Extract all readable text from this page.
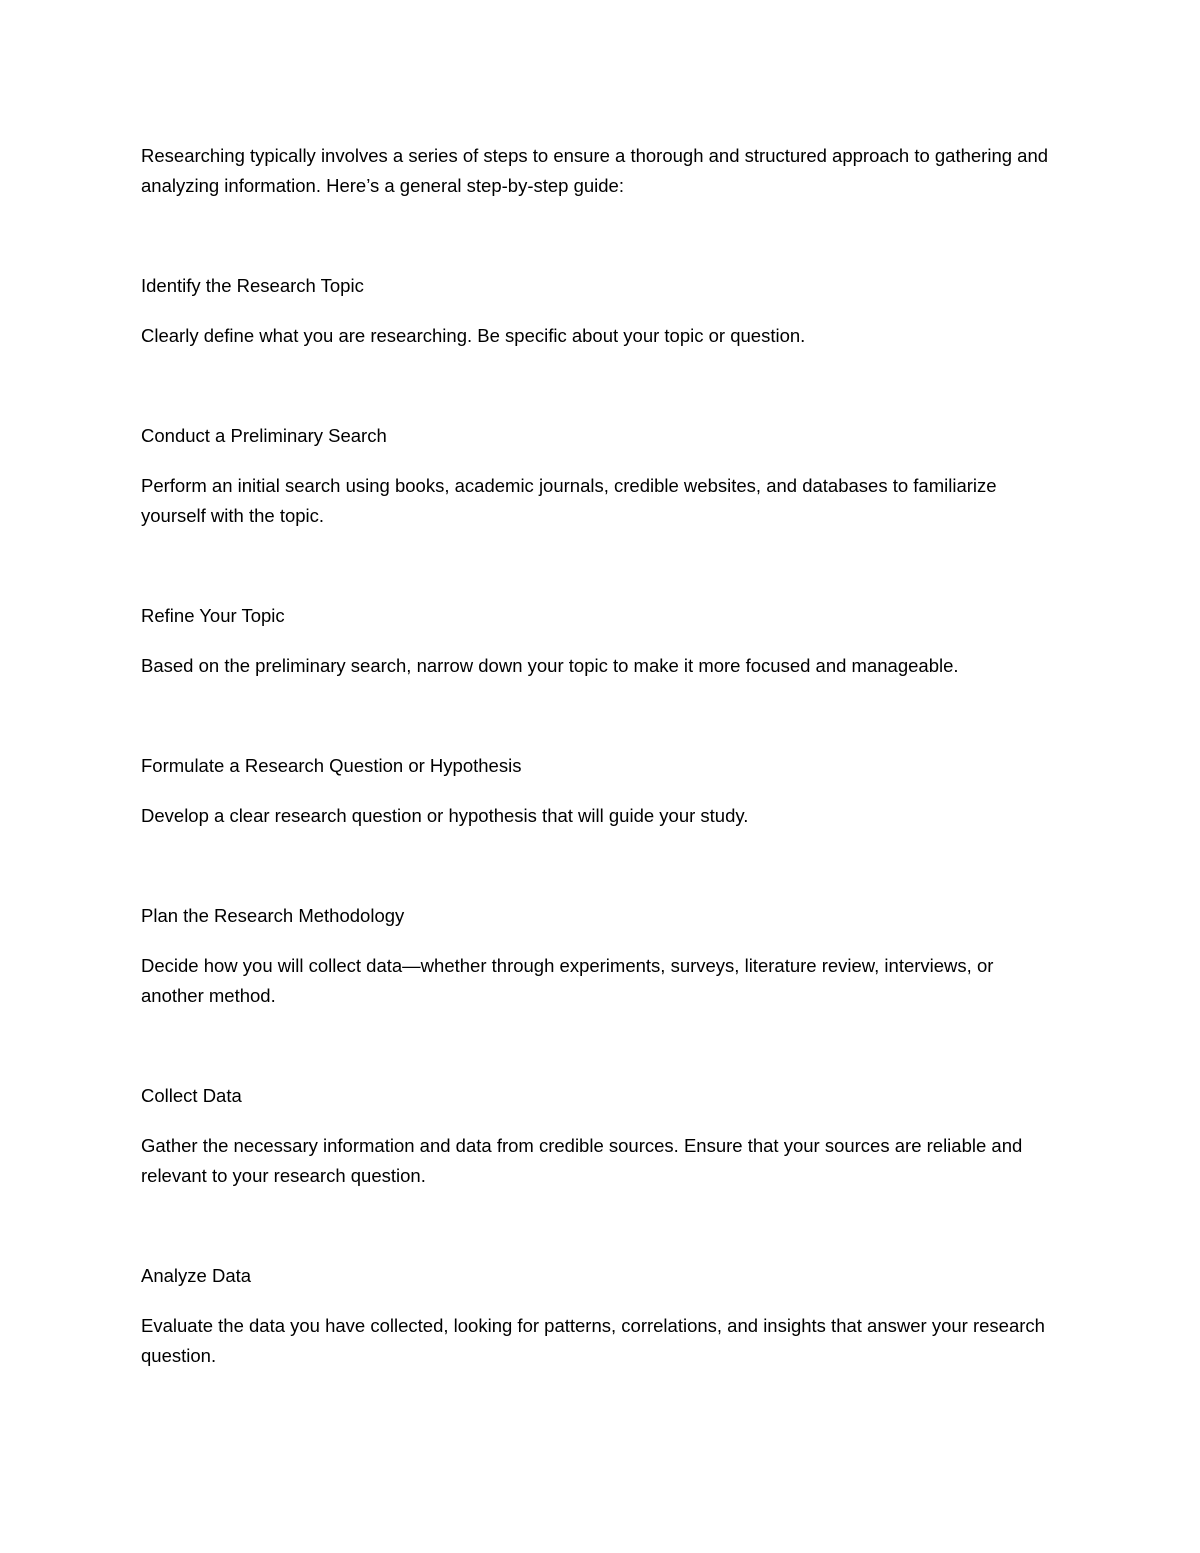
Researching typically involves a series of steps to ensure a thorough and structured approach to gathering and analyzing information. Here’s a general step-by-step guide:

Identify the Research Topic

Clearly define what you are researching. Be specific about your topic or question.

Conduct a Preliminary Search

Perform an initial search using books, academic journals, credible websites, and databases to familiarize yourself with the topic.

Refine Your Topic

Based on the preliminary search, narrow down your topic to make it more focused and manageable.

Formulate a Research Question or Hypothesis

Develop a clear research question or hypothesis that will guide your study.

Plan the Research Methodology

Decide how you will collect data—whether through experiments, surveys, literature review, interviews, or another method.

Collect Data

Gather the necessary information and data from credible sources. Ensure that your sources are reliable and relevant to your research question.

Analyze Data

Evaluate the data you have collected, looking for patterns, correlations, and insights that answer your research question.
